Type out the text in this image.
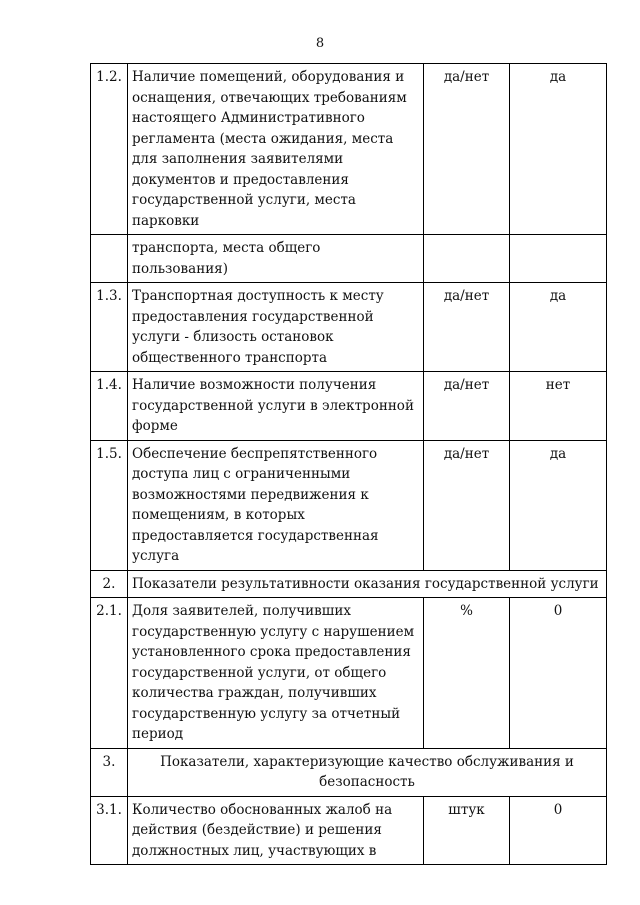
8
1.2.	Наличие помещений, оборудования и оснащения, отвечающих требованиям настоящего Административного регламента (места ожидания, места для заполнения заявителями документов и предоставления государственной услуги, места парковки	да/нет	да
	транспорта, места общего пользования)		
1.3.	Транспортная доступность к месту предоставления государственной услуги - близость остановок общественного транспорта	да/нет	да
1.4.	Наличие возможности получения государственной услуги в электронной форме	да/нет	нет
1.5.	Обеспечение беспрепятственного доступа лиц с ограниченными возможностями передвижения к помещениям, в которых предоставляется государственная услуга	да/нет	да
2.	Показатели результативности оказания государственной услуги		
2.1.	Доля заявителей, получивших государственную услугу с нарушением установленного срока предоставления государственной услуги, от общего количества граждан, получивших государственную услугу за отчетный период	%	0
3.	Показатели, характеризующие качество обслуживания и безопасность		
3.1.	Количество обоснованных жалоб на действия (бездействие) и решения должностных лиц, участвующих в	штук	0
